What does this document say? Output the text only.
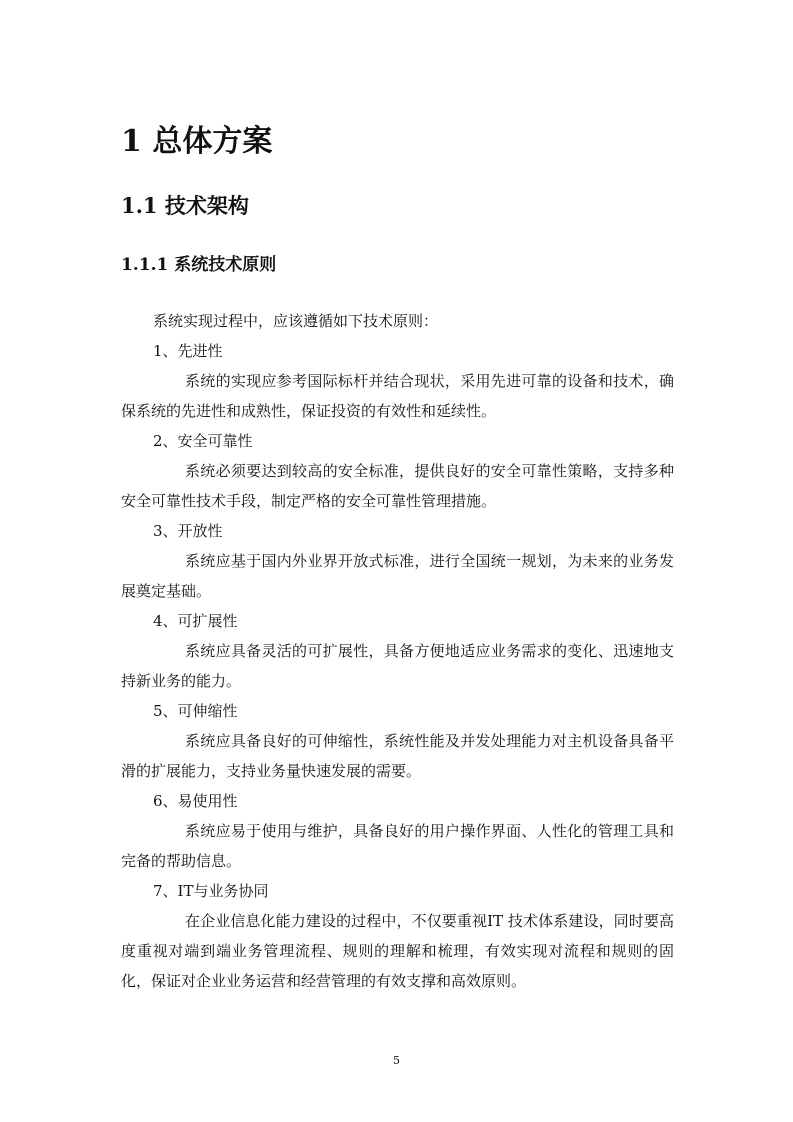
1 总体方案
1.1 技术架构
1.1.1 系统技术原则

系统实现过程中，应该遵循如下技术原则：

1、先进性

系统的实现应参考国际标杆并结合现状，采用先进可靠的设备和技术，确保系统的先进性和成熟性，保证投资的有效性和延续性。

2、安全可靠性

系统必须要达到较高的安全标准，提供良好的安全可靠性策略，支持多种安全可靠性技术手段，制定严格的安全可靠性管理措施。

3、开放性

系统应基于国内外业界开放式标准，进行全国统一规划，为未来的业务发展奠定基础。

4、可扩展性

系统应具备灵活的可扩展性，具备方便地适应业务需求的变化、迅速地支持新业务的能力。

5、可伸缩性

系统应具备良好的可伸缩性，系统性能及并发处理能力对主机设备具备平滑的扩展能力，支持业务量快速发展的需要。

6、易使用性

系统应易于使用与维护，具备良好的用户操作界面、人性化的管理工具和完备的帮助信息。

7、IT与业务协同

在企业信息化能力建设的过程中，不仅要重视IT 技术体系建设，同时要高度重视对端到端业务管理流程、规则的理解和梳理，有效实现对流程和规则的固化，保证对企业业务运营和经营管理的有效支撑和高效原则。

5
